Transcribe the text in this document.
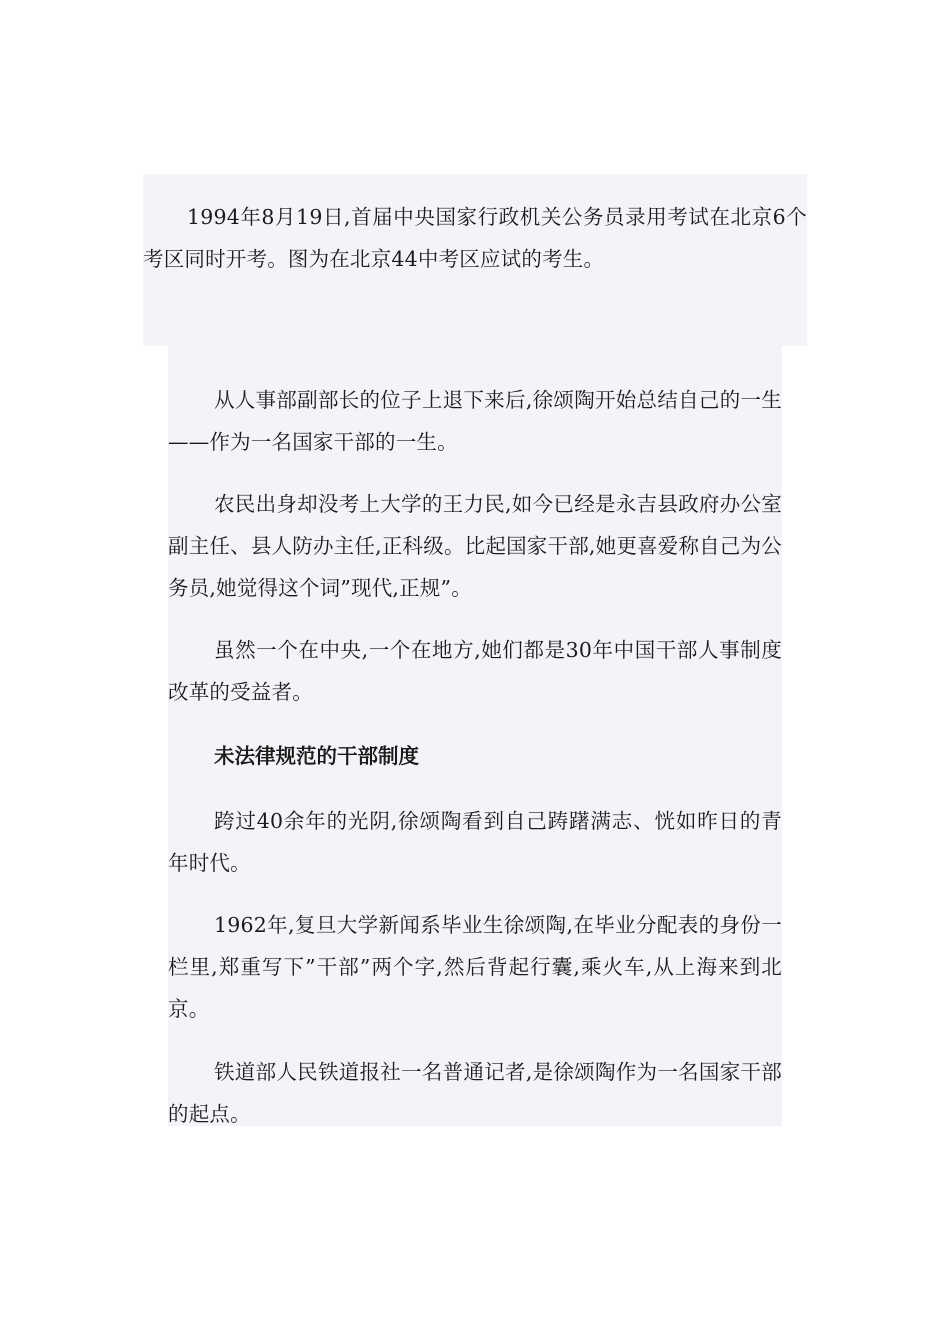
1994年8月19日,首届中央国家行政机关公务员录用考试在北京6个考区同时开考。图为在北京44中考区应试的考生。

从人事部副部长的位子上退下来后,徐颂陶开始总结自己的一生——作为一名国家干部的一生。

农民出身却没考上大学的王力民,如今已经是永吉县政府办公室副主任、县人防办主任,正科级。比起国家干部,她更喜爱称自己为公务员,她觉得这个词”现代,正规”。

虽然一个在中央,一个在地方,她们都是30年中国干部人事制度改革的受益者。

未法律规范的干部制度

跨过40余年的光阴,徐颂陶看到自己踌躇满志、恍如昨日的青年时代。

1962年,复旦大学新闻系毕业生徐颂陶,在毕业分配表的身份一栏里,郑重写下”干部”两个字,然后背起行囊,乘火车,从上海来到北京。

铁道部人民铁道报社一名普通记者,是徐颂陶作为一名国家干部的起点。
